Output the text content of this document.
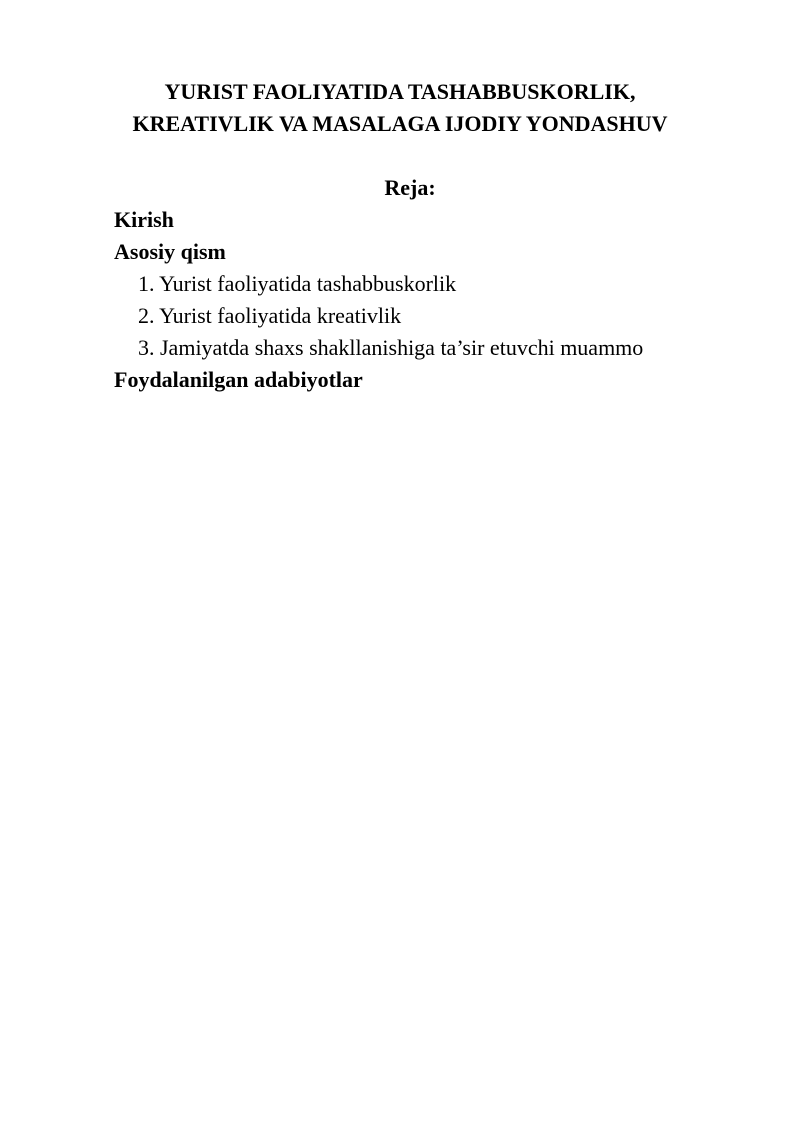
YURIST FAOLIYATIDA TASHABBUSKORLIK,
KREATIVLIK VA MASALAGA IJODIY YONDASHUV
Reja:
Kirish
Asosiy qism
1. Yurist faoliyatida tashabbuskorlik
2. Yurist faoliyatida kreativlik
3. Jamiyatda shaxs shakllanishiga ta’sir etuvchi muammo
Foydalanilgan adabiyotlar
